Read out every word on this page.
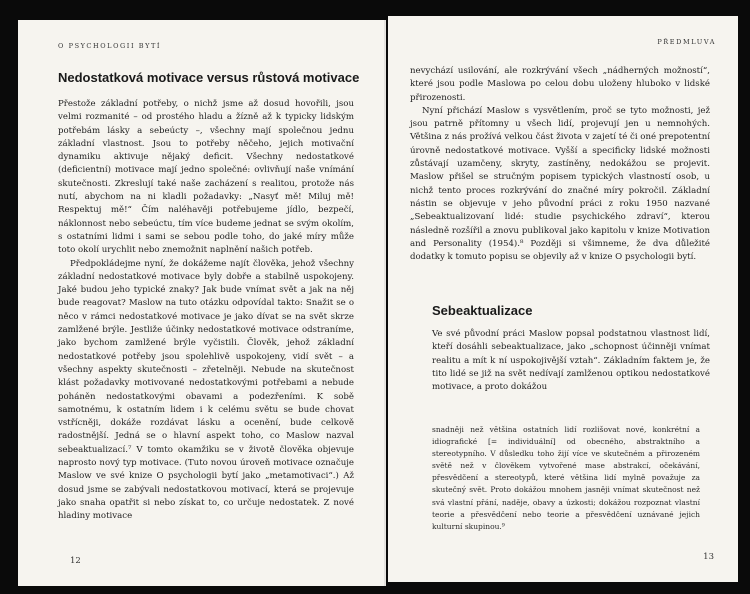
O PSYCHOLOGII BYTÍ
Nedostatková motivace versus růstová motivace

Přestože základní potřeby, o nichž jsme až dosud hovořili, jsou velmi rozmanité – od prostého hladu a žízně až k typicky lidským potřebám lásky a sebeúcty –, všechny mají společnou jednu základní vlastnost. Jsou to potřeby něčeho, jejich motivační dynamiku aktivuje nějaký deficit. Všechny nedostatkové (deficientní) motivace mají jedno společné: ovlivňují naše vnímání skutečnosti. Zkreslují také naše zacházení s realitou, protože nás nutí, abychom na ni kladli požadavky: „Nasyť mě! Miluj mě! Respektuj mě!“ Čím naléhavěji potřebujeme jídlo, bezpečí, náklonnost nebo sebeúctu, tím více budeme jednat se svým okolím, s ostatními lidmi i sami se sebou podle toho, do jaké míry může toto okolí urychlit nebo znemožnit naplnění našich potřeb.

Předpokládejme nyní, že dokážeme najít člověka, jehož všechny základní nedostatkové motivace byly dobře a stabilně uspokojeny. Jaké budou jeho typické znaky? Jak bude vnímat svět a jak na něj bude reagovat? Maslow na tuto otázku odpovídal takto: Snažit se o něco v rámci nedostatkové motivace je jako dívat se na svět skrze zamlžené brýle. Jestliže účinky nedostatkové motivace odstraníme, jako bychom zamlžené brýle vyčistili. Člověk, jehož základní nedostatkové potřeby jsou spolehlivě uspokojeny, vidí svět – a všechny aspekty skutečnosti – zřetelněji. Nebude na skutečnost klást požadavky motivované nedostatkovými potřebami a nebude poháněn nedostatkovými obavami a podezřeními. K sobě samotnému, k ostatním lidem i k celému světu se bude chovat vstřícněji, dokáže rozdávat lásku a ocenění, bude celkově radostnější. Jedná se o hlavní aspekt toho, co Maslow nazval sebeaktualizací.⁷ V tomto okamžiku se v životě člověka objevuje naprosto nový typ motivace. (Tuto novou úroveň motivace označuje Maslow ve své knize O psychologii bytí jako „metamotivaci“.) Až dosud jsme se zabývali nedostatkovou motivací, která se projevuje jako snaha opatřit si nebo získat to, co určuje nedostatek. Z nové hladiny motivace

12
PŘEDMLUVA

nevychází usilování, ale rozkrývání všech „nádherných možností“, které jsou podle Maslowa po celou dobu uloženy hluboko v lidské přirozenosti.

Nyní přichází Maslow s vysvětlením, proč se tyto možnosti, jež jsou patrně přítomny u všech lidí, projevují jen u nemnohých. Většina z nás prožívá velkou část života v zajetí té či oné prepotentní úrovně nedostatkové motivace. Vyšší a specificky lidské možnosti zůstávají uzamčeny, skryty, zastíněny, nedokážou se projevit. Maslow přišel se stručným popisem typických vlastností osob, u nichž tento proces rozkrývání do značné míry pokročil. Základní nástin se objevuje v jeho původní práci z roku 1950 nazvané „Sebeaktualizovaní lidé: studie psychického zdraví“, kterou následně rozšířil a znovu publikoval jako kapitolu v knize Motivation and Personality (1954).⁸ Později si všimneme, že dva důležité dodatky k tomuto popisu se objevily až v knize O psychologii bytí.

Sebeaktualizace

Ve své původní práci Maslow popsal podstatnou vlastnost lidí, kteří dosáhli sebeaktualizace, jako „schopnost účinněji vnímat realitu a mít k ní uspokojivější vztah“. Základním faktem je, že tito lidé se již na svět nedívají zamlženou optikou nedostatkové motivace, a proto dokážou

snadněji než většina ostatních lidí rozlišovat nové, konkrétní a idiografické [= individuální] od obecného, abstraktního a stereotypního. V důsledku toho žijí více ve skutečném a přirozeném světě než v člověkem vytvořené mase abstrakcí, očekávání, přesvědčení a stereotypů, které většina lidí mylně považuje za skutečný svět. Proto dokážou mnohem jasněji vnímat skutečnost než svá vlastní přání, naděje, obavy a úzkosti; dokážou rozpoznat vlastní teorie a přesvědčení nebo teorie a přesvědčení uznávané jejich kulturní skupinou.⁹
13
